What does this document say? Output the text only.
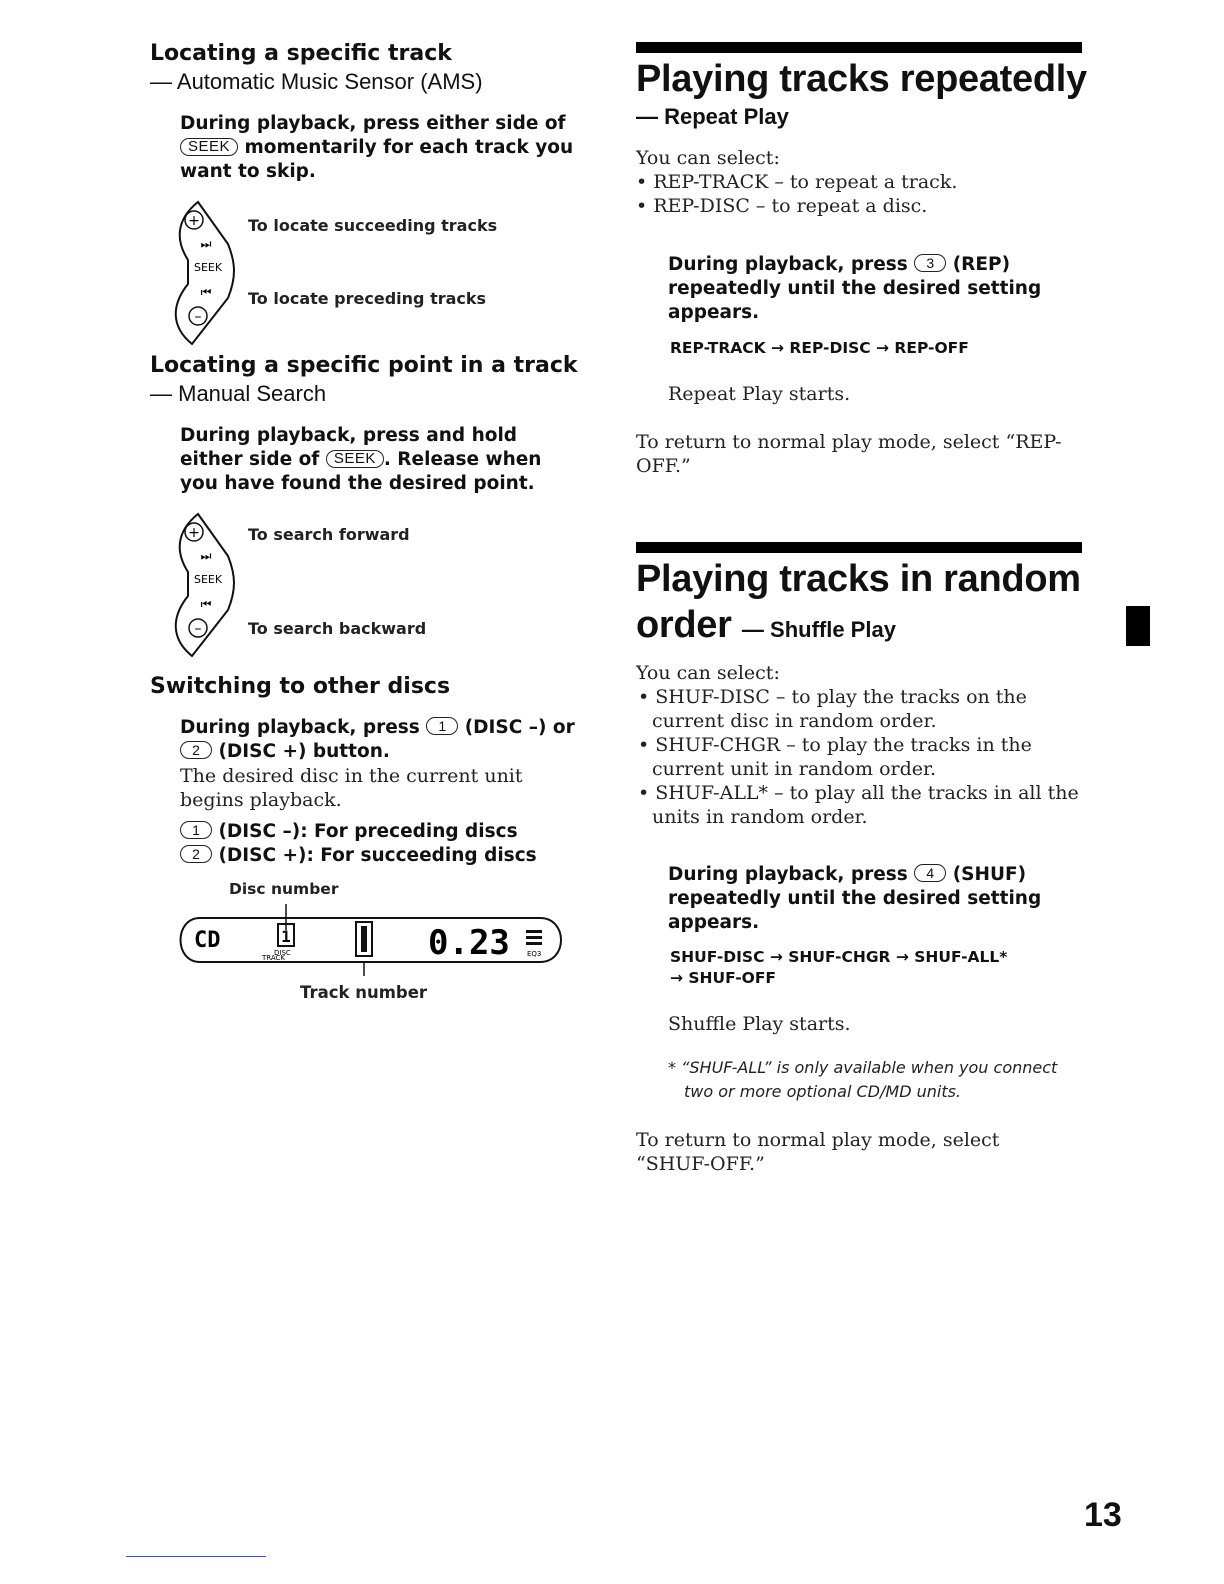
Locating a specific track

— Automatic Music Sensor (AMS)

During playback, press either side of SEEK momentarily for each track you want to skip.
+
⏭
SEEK
⏮
–
To locate succeeding tracks
To locate preceding tracks
Locating a specific point in a track

— Manual Search

During playback, press and hold either side of SEEK . Release when you have found the desired point.
+
⏭
SEEK
⏮
–
To search forward
To search backward
Switching to other discs
During playback, press 1 (DISC –) or
2 (DISC +) button.

The desired disc in the current unit begins playback.

1 (DISC –): For preceding discs
2 (DISC +): For succeeding discs
Disc number
CD	1
DISC
TRACK	0.23 EQ3
Track number
Playing tracks repeatedly

— Repeat Play

You can select:

• REP-TRACK – to repeat a track.

• REP-DISC – to repeat a disc.

During playback, press 3 (REP) repeatedly until the desired setting appears.

REP-TRACK → REP-DISC → REP-OFF

Repeat Play starts.

To return to normal play mode, select “REP-OFF.”

Playing tracks in random
order — Shuffle Play

You can select:

• SHUF-DISC – to play the tracks on the current disc in random order.

• SHUF-CHGR – to play the tracks in the current unit in random order.

• SHUF-ALL* – to play all the tracks in all the units in random order.

During playback, press 4 (SHUF) repeatedly until the desired setting appears.

SHUF-DISC → SHUF-CHGR → SHUF-ALL*

→ SHUF-OFF

Shuffle Play starts.

* “SHUF-ALL” is only available when you connect two or more optional CD/MD units.

To return to normal play mode, select “SHUF-OFF.”

13
